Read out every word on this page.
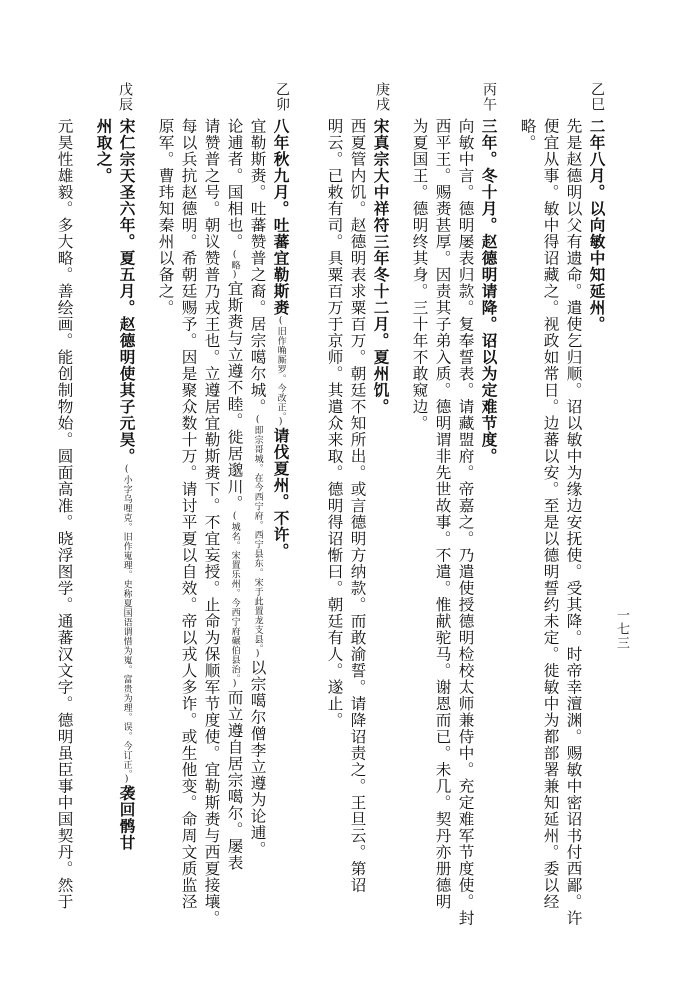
乙巳
丙午
庚戌
乙卯
戊辰
二年八月。以向敏中知延州。
先是赵德明以父有遗命。遣使乞归顺。诏以敏中为缘边安抚使。受其降。时帝幸澶渊。赐敏中密诏书付西鄙。许
便宜从事。敏中得诏藏之。视政如常日。边蕃以安。至是以德明誓约未定。徙敏中为都部署兼知延州。委以经
略。
三年。冬十月。赵德明请降。诏以为定难节度。
向敏中言。德明屡表归款。复奉誓表。请藏盟府。帝嘉之。乃遣使授德明检校太师兼侍中。充定难军节度使。封
西平王。赐赉甚厚。因责其子弟入质。德明谓非先世故事。不遣。惟献驼马。谢恩而已。未几。契丹亦册德明
为夏国王。德明终其身。三十年不敢窥边。
宋真宗大中祥符三年冬十二月。夏州饥。
西夏管内饥。赵德明表求粟百万。朝廷不知所出。或言德明方纳款。而敢渝誓。请降诏责之。王旦云。第诏
明云。已敕有司。具粟百万于京师。其遣众来取。德明得诏惭曰。朝廷有人。遂止。
八年秋九月。吐蕃宜勒斯赉(旧作唃厮罗。今改正。)请伐夏州。不许。
宜勒斯赉。吐蕃赞普之裔。居宗噶尔城。(即宗哥城。在今西宁府。西宁县东。宋于此置龙支县。)以宗噶尔僧李立遵为论逋。
论逋者。国相也。(略)宜斯赉与立遵不睦。徙居邈川。(城名。宋置乐州。今西宁府碾伯县治。)而立遵自居宗噶尔。屡表
请赞普之号。朝议赞普乃戎王也。立遵居宜勒斯赉下。不宜妄授。止命为保顺军节度使。宜勒斯赉与西夏接壤。
每以兵抗赵德明。希朝廷赐予。因是聚众数十万。请讨平夏以自效。帝以戎人多诈。或生他变。命周文质监泾
原军。曹玮知秦州以备之。
宋仁宗天圣六年。夏五月。赵德明使其子元昊。(小字乌哩克。旧作嵬理。史称夏国语谓惜为嵬。富贵为理。误。今订正。)袭回鹘甘
州取之。
元昊性雄毅。多大略。善绘画。能创制物始。圆面高准。晓浮图学。通蕃汉文字。德明虽臣事中国契丹。然于	一七三
